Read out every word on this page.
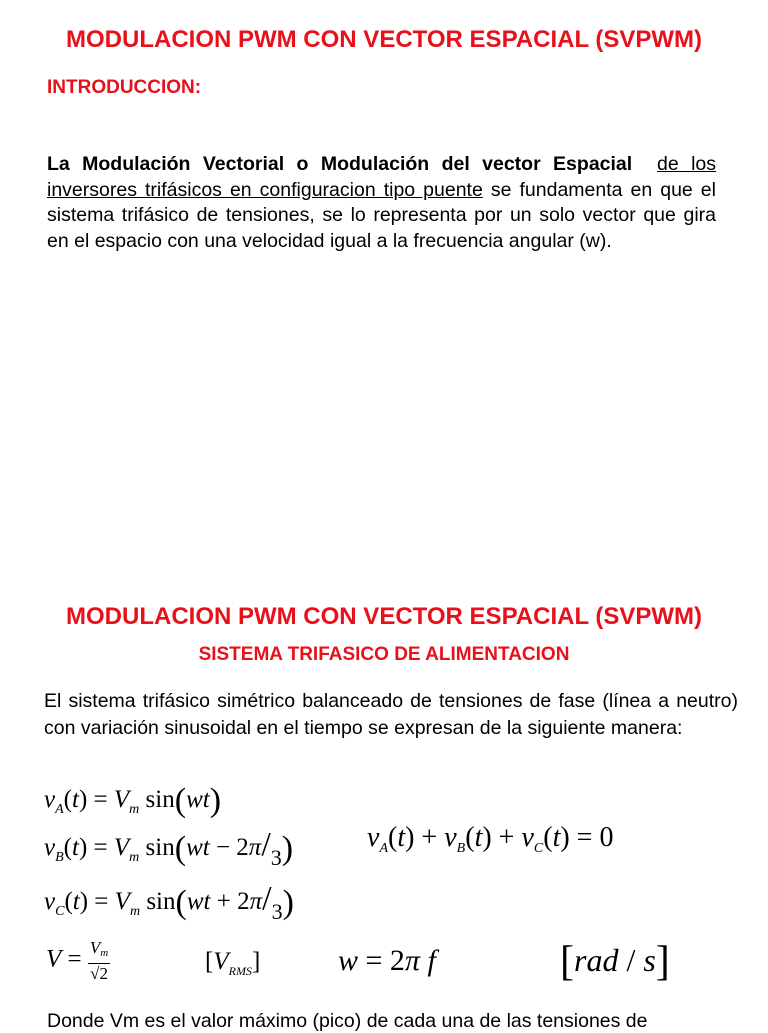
MODULACION PWM CON VECTOR ESPACIAL (SVPWM)
INTRODUCCION:
La Modulación Vectorial o Modulación del vector Espacial de los inversores trifásicos en configuracion tipo puente se fundamenta en que el sistema trifásico de tensiones, se lo representa por un solo vector que gira en el espacio con una velocidad igual a la frecuencia angular (w).
MODULACION PWM CON VECTOR ESPACIAL (SVPWM)
SISTEMA TRIFASICO DE ALIMENTACION
El sistema trifásico simétrico balanceado de tensiones de fase (línea a neutro) con variación sinusoidal en el tiempo se expresan de la siguiente manera:
$v_A(t) = V_m$ sin(wt)
$v_B(t) = V_m$ $\sin(wt - 2\pi/_3)$
$v_C(t) = V_m$ $\sin(wt + 2\pi/_3)$
$v_A(t) + v_B(t) + v_C(t) = 0$
$V = \frac{V_m}{√2}$	$[V_{RMS}]$	w = 2π f	[rad / s]
Donde Vm es el valor máximo (pico) de cada una de las tensiones de
